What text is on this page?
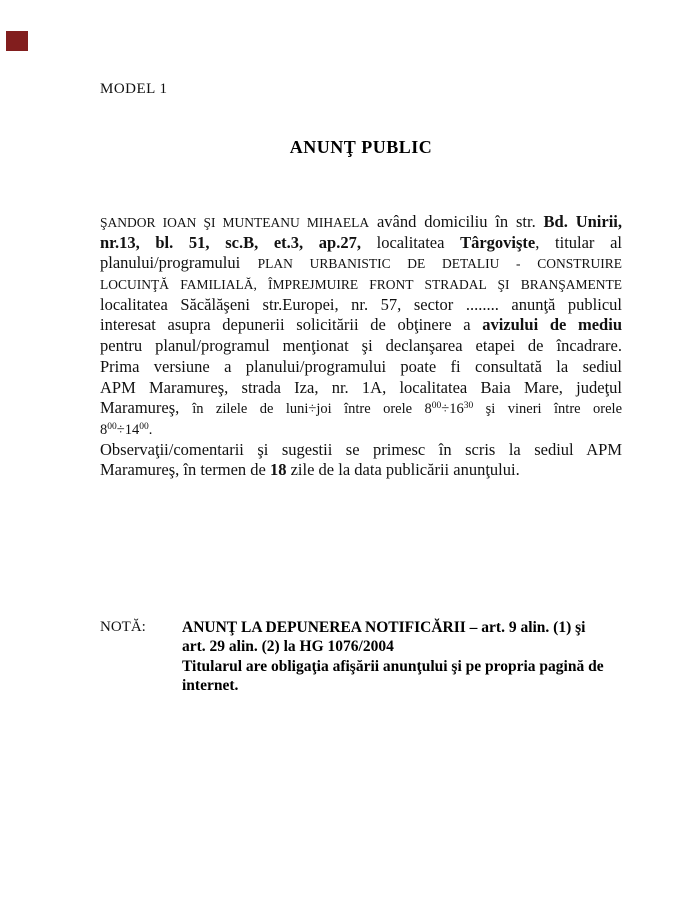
MODEL 1
ANUNŢ PUBLIC
ŞANDOR IOAN ŞI MUNTEANU MIHAELA având domiciliu în str. Bd. Unirii,
nr.13, bl. 51, sc.B, et.3, ap.27, localitatea Târgovişte, titular al
planului/programului PLAN URBANISTIC DE DETALIU - CONSTRUIRE
LOCUINŢĂ FAMILIALĂ, ÎMPREJMUIRE FRONT STRADAL ŞI BRANŞAMENTE
localitatea Săcălăşeni str.Europei, nr. 57, sector ........ anunţă publicul
interesat asupra depunerii solicitării de obţinere a avizului de mediu
pentru planul/programul menţionat şi declanşarea etapei de încadrare.
Prima versiune a planului/programului poate fi consultată la sediul
APM Maramureş, strada Iza, nr. 1A, localitatea Baia Mare, judeţul
Maramureş, în zilele de luni÷joi între orele $8^{00}\div 16^{30}$ şi vineri între orele
$8^{00}\div 14^{00}$.
Observaţii/comentarii şi sugestii se primesc în scris la sediul APM
Maramureş, în termen de 18 zile de la data publicării anunţului.
NOTĂ:	ANUNŢ LA DEPUNEREA NOTIFICĂRII – art. 9 alin. (1) şi
art. 29 alin. (2) la HG 1076/2004
Titularul are obligaţia afişării anunţului şi pe propria pagină de
internet.
